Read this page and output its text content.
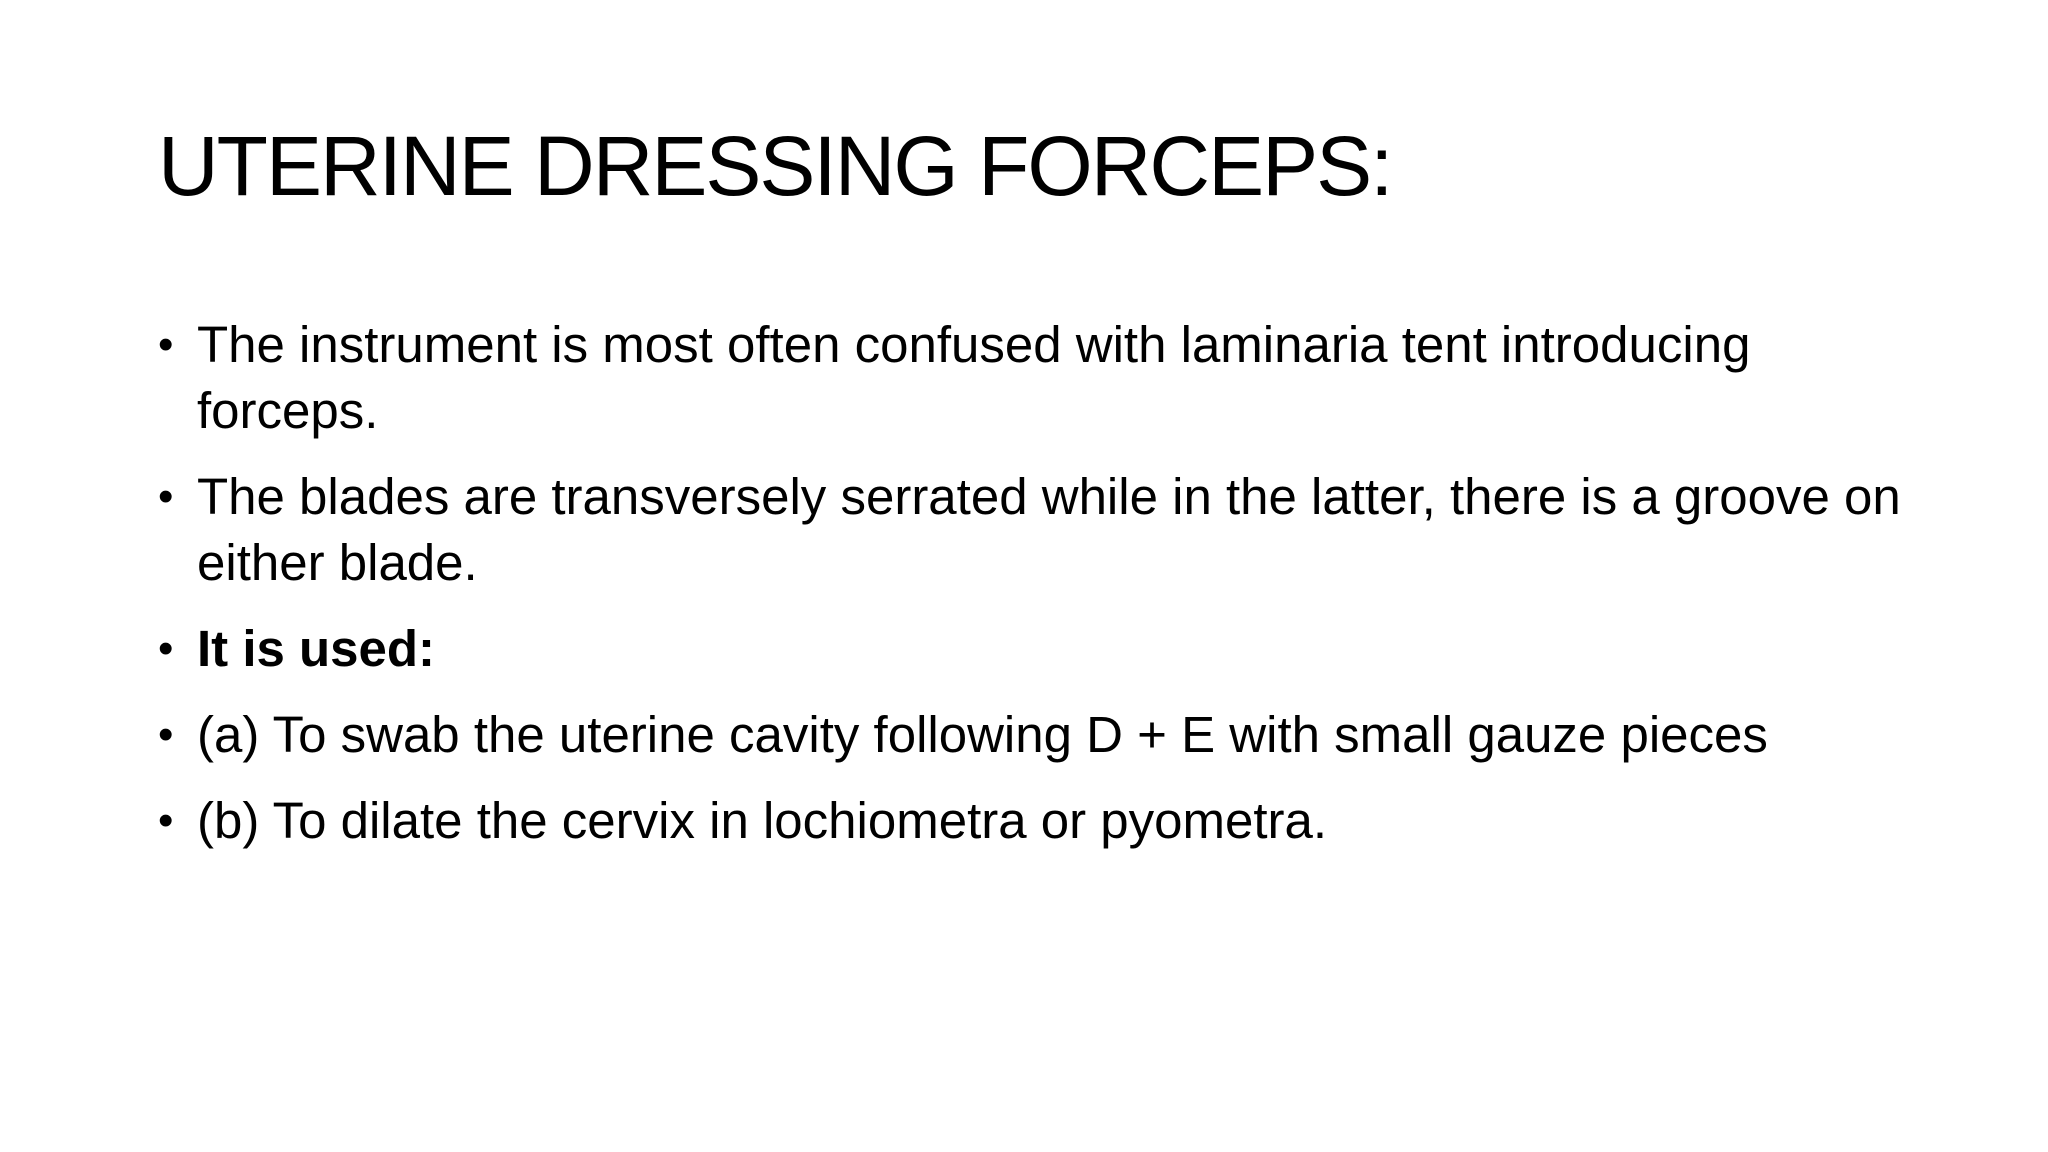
UTERINE DRESSING FORCEPS:
• The instrument is most often confused with laminaria tent introducing forceps.
• The blades are transversely serrated while in the latter, there is a groove on either blade.
• It is used:
• (a) To swab the uterine cavity following D + E with small gauze pieces
• (b) To dilate the cervix in lochiometra or pyometra.
